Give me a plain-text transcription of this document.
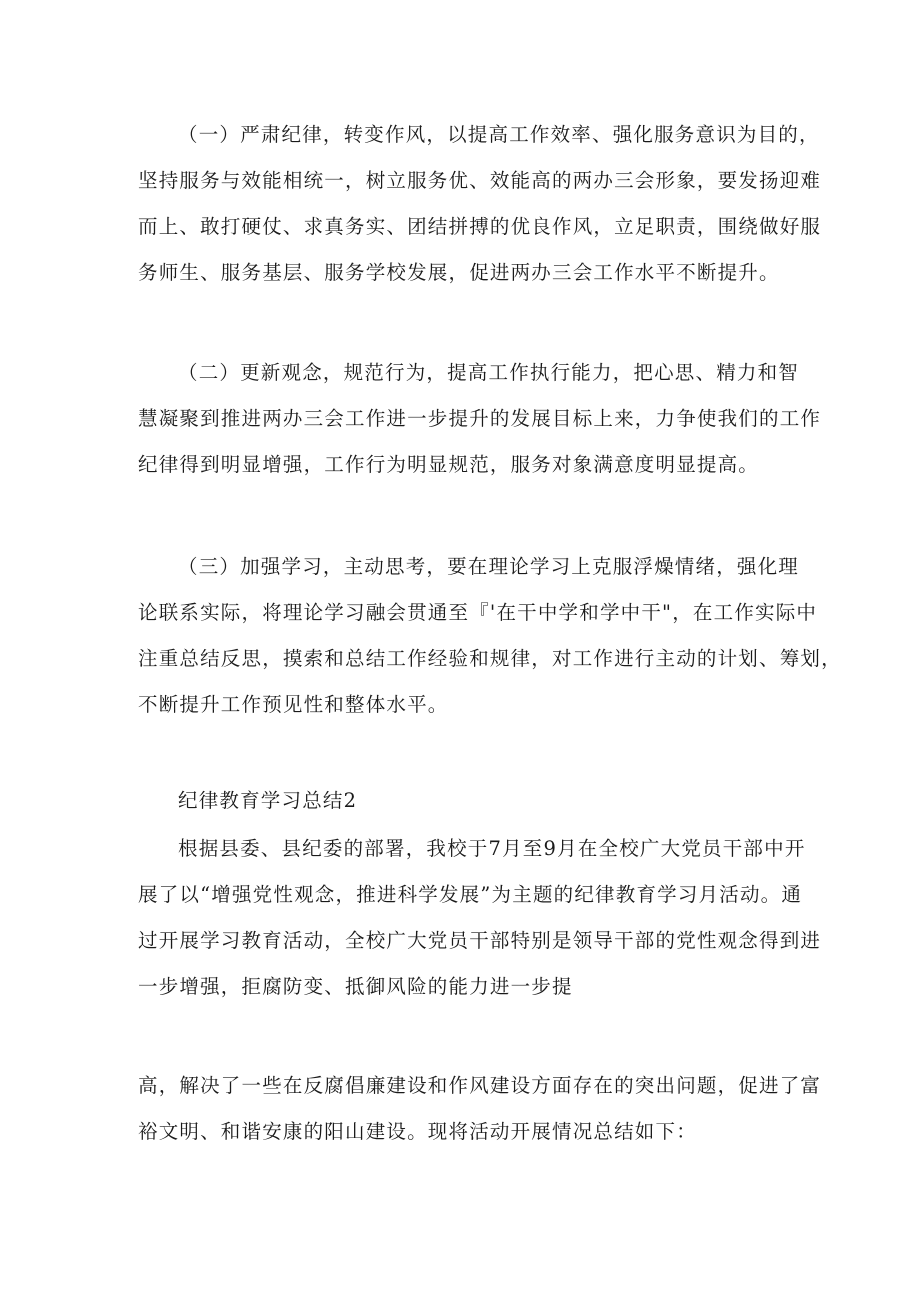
（一）严肃纪律，转变作风，以提高工作效率、强化服务意识为目的，
坚持服务与效能相统一，树立服务优、效能高的两办三会形象，要发扬迎难
而上、敢打硬仗、求真务实、团结拼搏的优良作风，立足职责，围绕做好服
务师生、服务基层、服务学校发展，促进两办三会工作水平不断提升。

（二）更新观念，规范行为，提高工作执行能力，把心思、精力和智
慧凝聚到推进两办三会工作进一步提升的发展目标上来，力争使我们的工作
纪律得到明显增强，工作行为明显规范，服务对象满意度明显提高。

（三）加强学习，主动思考，要在理论学习上克服浮燥情绪，强化理
论联系实际，将理论学习融会贯通至『'在干中学和学中干"，在工作实际中
注重总结反思，摸索和总结工作经验和规律，对工作进行主动的计划、筹划，
不断提升工作预见性和整体水平。

纪律教育学习总结2

根据县委、县纪委的部署，我校于7月至9月在全校广大党员干部中开
展了以“增强党性观念，推进科学发展”为主题的纪律教育学习月活动。通
过开展学习教育活动，全校广大党员干部特别是领导干部的党性观念得到进
一步增强，拒腐防变、抵御风险的能力进一步提

高，解决了一些在反腐倡廉建设和作风建设方面存在的突出问题，促进了富
裕文明、和谐安康的阳山建设。现将活动开展情况总结如下：
